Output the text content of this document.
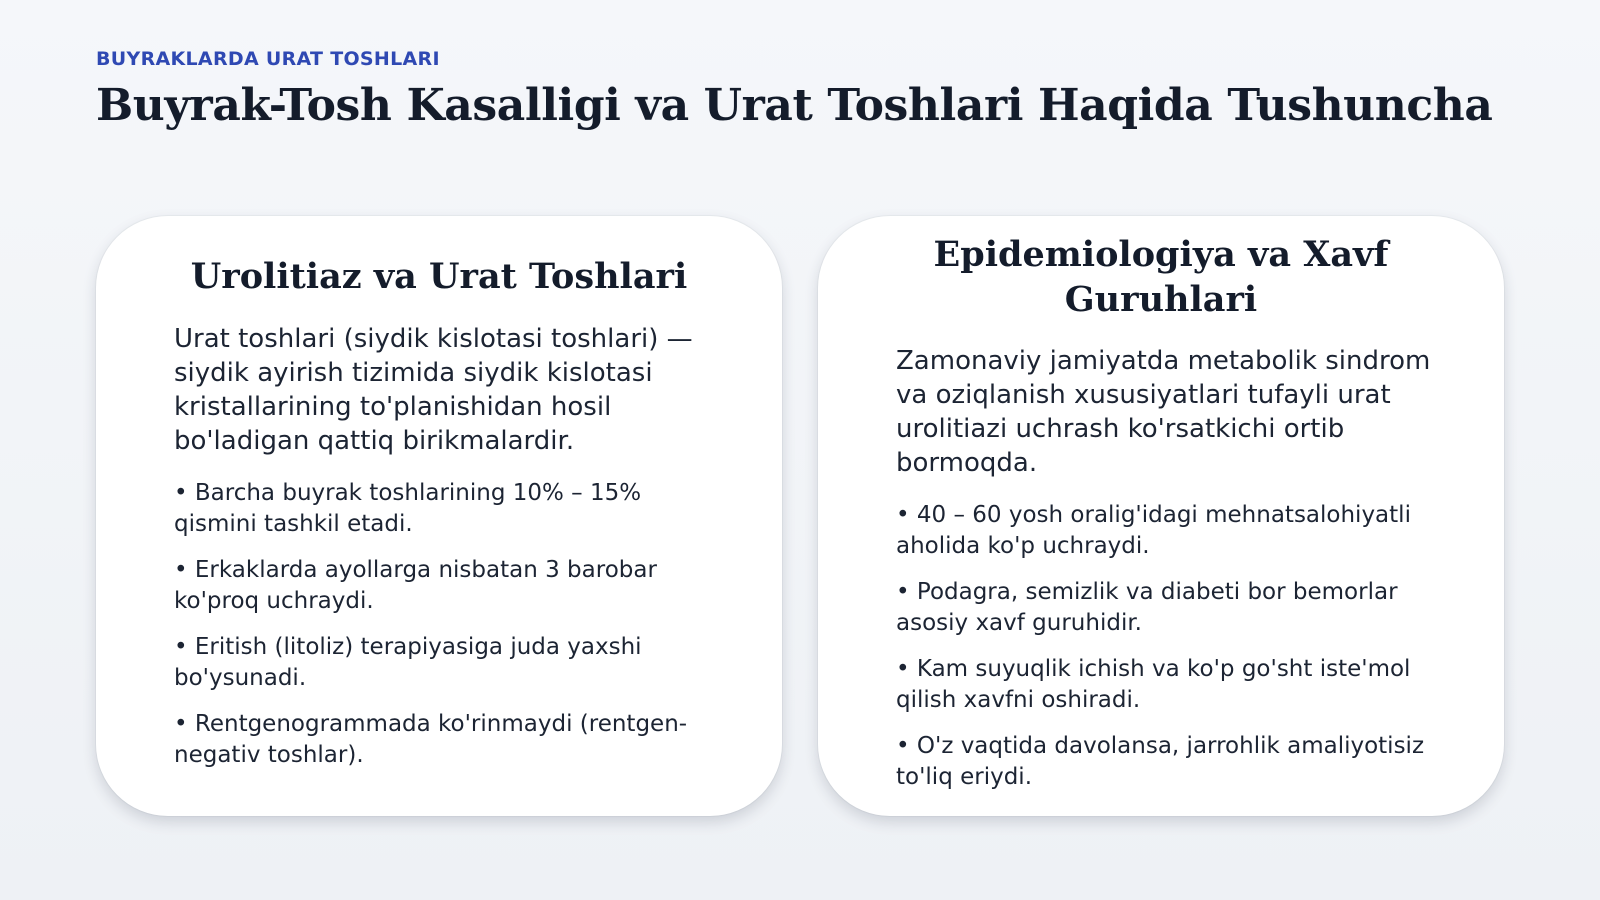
BUYRAKLARDA URAT TOSHLARI
Buyrak-Tosh Kasalligi va Urat Toshlari Haqida Tushuncha
Urolitiaz va Urat Toshlari

Urat toshlari (siydik kislotasi toshlari) — siydik ayirish tizimida siydik kislotasi kristallarining to'planishidan hosil bo'ladigan qattiq birikmalardir.

• Barcha buyrak toshlarining 10% – 15% qismini tashkil etadi.
• Erkaklarda ayollarga nisbatan 3 barobar ko'proq uchraydi.
• Eritish (litoliz) terapiyasiga juda yaxshi bo'ysunadi.
• Rentgenogrammada ko'rinmaydi (rentgen-negativ toshlar).
Epidemiologiya va Xavf Guruhlari

Zamonaviy jamiyatda metabolik sindrom va oziqlanish xususiyatlari tufayli urat urolitiazi uchrash ko'rsatkichi ortib bormoqda.

• 40 – 60 yosh oralig'idagi mehnatsalohiyatli aholida ko'p uchraydi.
• Podagra, semizlik va diabeti bor bemorlar asosiy xavf guruhidir.
• Kam suyuqlik ichish va ko'p go'sht iste'mol qilish xavfni oshiradi.
• O'z vaqtida davolansa, jarrohlik amaliyotisiz to'liq eriydi.
